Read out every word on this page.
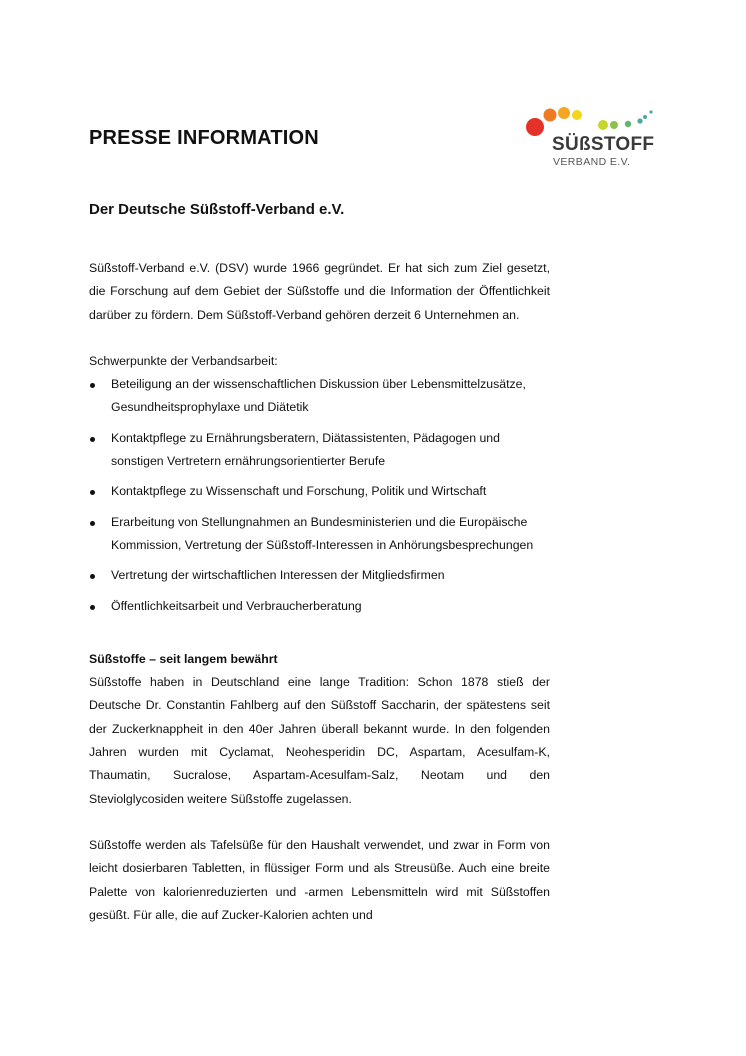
SÜßSTOFF
VERBAND E.V.
PRESSE INFORMATION
Der Deutsche Süßstoff-Verband e.V.

Süßstoff-Verband e.V. (DSV) wurde 1966 gegründet. Er hat sich zum Ziel gesetzt, die Forschung auf dem Gebiet der Süßstoffe und die Information der Öffentlichkeit darüber zu fördern. Dem Süßstoff-Verband gehören derzeit 6 Unternehmen an.

Schwerpunkte der Verbandsarbeit:

Beteiligung an der wissenschaftlichen Diskussion über Lebensmittelzusätze, Gesundheitsprophylaxe und Diätetik
Kontaktpflege zu Ernährungsberatern, Diätassistenten, Pädagogen und sonstigen Vertretern ernährungsorientierter Berufe
Kontaktpflege zu Wissenschaft und Forschung, Politik und Wirtschaft
Erarbeitung von Stellungnahmen an Bundesministerien und die Europäische Kommission, Vertretung der Süßstoff-Interessen in Anhörungsbesprechungen
Vertretung der wirtschaftlichen Interessen der Mitgliedsfirmen
Öffentlichkeitsarbeit und Verbraucherberatung

Süßstoffe – seit langem bewährt

Süßstoffe haben in Deutschland eine lange Tradition: Schon 1878 stieß der Deutsche Dr. Constantin Fahlberg auf den Süßstoff Saccharin, der spätestens seit der Zuckerknappheit in den 40er Jahren überall bekannt wurde. In den folgenden Jahren wurden mit Cyclamat, Neohesperidin DC, Aspartam, Acesulfam-K, Thaumatin, Sucralose, Aspartam-Acesulfam-Salz, Neotam und den Steviolglycosiden weitere Süßstoffe zugelassen.

Süßstoffe werden als Tafelsüße für den Haushalt verwendet, und zwar in Form von leicht dosierbaren Tabletten, in flüssiger Form und als Streusüße. Auch eine breite Palette von kalorienreduzierten und -armen Lebensmitteln wird mit Süßstoffen gesüßt. Für alle, die auf Zucker-Kalorien achten und
